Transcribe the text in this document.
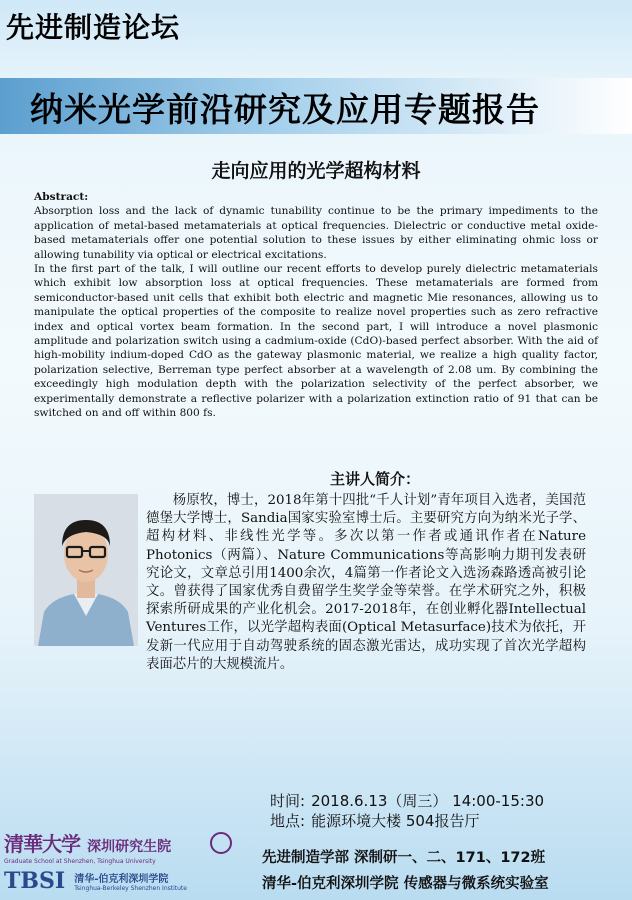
先进制造论坛
纳米光学前沿研究及应用专题报告
走向应用的光学超构材料

Abstract:

Absorption loss and the lack of dynamic tunability continue to be the primary impediments to the application of metal-based metamaterials at optical frequencies. Dielectric or conductive metal oxide-based metamaterials offer one potential solution to these issues by either eliminating ohmic loss or allowing tunability via optical or electrical excitations.

In the first part of the talk, I will outline our recent efforts to develop purely dielectric metamaterials which exhibit low absorption loss at optical frequencies. These metamaterials are formed from semiconductor-based unit cells that exhibit both electric and magnetic Mie resonances, allowing us to manipulate the optical properties of the composite to realize novel properties such as zero refractive index and optical vortex beam formation. In the second part, I will introduce a novel plasmonic amplitude and polarization switch using a cadmium-oxide (CdO)-based perfect absorber. With the aid of high-mobility indium-doped CdO as the gateway plasmonic material, we realize a high quality factor, polarization selective, Berreman type perfect absorber at a wavelength of 2.08 um. By combining the exceedingly high modulation depth with the polarization selectivity of the perfect absorber, we experimentally demonstrate a reflective polarizer with a polarization extinction ratio of 91 that can be switched on and off within 800 fs.

主讲人简介：

杨原牧，博士，2018年第十四批“千人计划”青年项目入选者，美国范德堡大学博士，Sandia国家实验室博士后。主要研究方向为纳米光子学、超构材料、非线性光学等。多次以第一作者或通讯作者在Nature Photonics（两篇）、Nature Communications等高影响力期刊发表研究论文，文章总引用1400余次，4篇第一作者论文入选汤森路透高被引论文。曾获得了国家优秀自费留学生奖学金等荣誉。在学术研究之外，积极探索所研成果的产业化机会。2017-2018年，在创业孵化器Intellectual Ventures工作，以光学超构表面(Optical Metasurface)技术为依托，开发新一代应用于自动驾驶系统的固态激光雷达，成功实现了首次光学超构表面芯片的大规模流片。

时间: 2018.6.13（周三） 14:00-15:30

地点: 能源环境大楼 504报告厅

清華大学 深圳研究生院
Graduate School at Shenzhen, Tsinghua University
TBSI 清华-伯克利深圳学院
Tsinghua-Berkeley Shenzhen Institute

先进制造学部 深制研一、二、171、172班

清华-伯克利深圳学院 传感器与微系统实验室
